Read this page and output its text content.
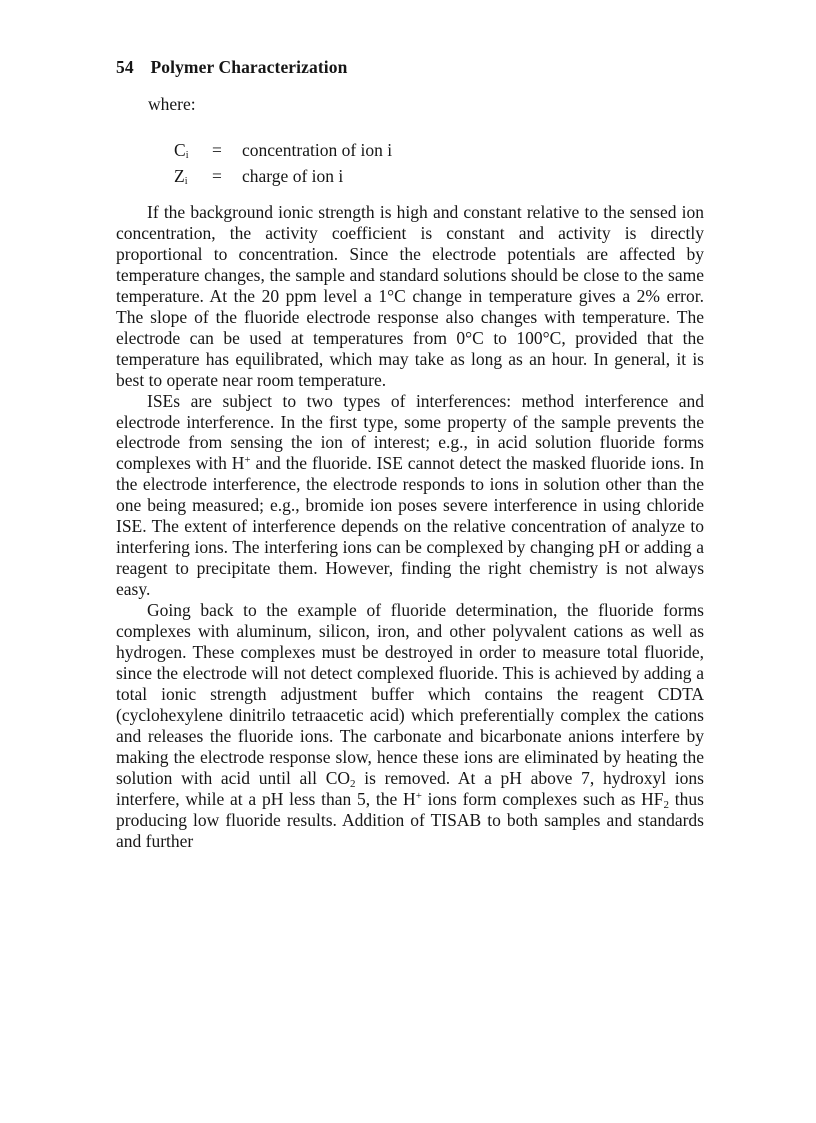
54 Polymer Characterization
where:
$C_i$	=	concentration of ion i
$Z_i$	=	charge of ion i

If the background ionic strength is high and constant relative to the sensed ion concentration, the activity coefficient is constant and activity is directly proportional to concentration. Since the electrode potentials are affected by temperature changes, the sample and standard solutions should be close to the same temperature. At the 20 ppm level a 1°C change in temperature gives a 2% error. The slope of the fluoride electrode response also changes with temperature. The electrode can be used at temperatures from 0°C to 100°C, provided that the temperature has equilibrated, which may take as long as an hour. In general, it is best to operate near room temperature.

ISEs are subject to two types of interferences: method interference and electrode interference. In the first type, some property of the sample prevents the electrode from sensing the ion of interest; e.g., in acid solution fluoride forms complexes with H+ and the fluoride. ISE cannot detect the masked fluoride ions. In the electrode interference, the electrode responds to ions in solution other than the one being measured; e.g., bromide ion poses severe interference in using chloride ISE. The extent of interference depends on the relative concentration of analyze to interfering ions. The interfering ions can be complexed by changing pH or adding a reagent to precipitate them. However, finding the right chemistry is not always easy.

Going back to the example of fluoride determination, the fluoride forms complexes with aluminum, silicon, iron, and other polyvalent cations as well as hydrogen. These complexes must be destroyed in order to measure total fluoride, since the electrode will not detect complexed fluoride. This is achieved by adding a total ionic strength adjustment buffer which contains the reagent CDTA (cyclohexylene dinitrilo tetraacetic acid) which preferentially complex the cations and releases the fluoride ions. The carbonate and bicarbonate anions interfere by making the electrode response slow, hence these ions are eliminated by heating the solution with acid until all $CO_2$ is removed. At a pH above 7, hydroxyl ions interfere, while at a pH less than 5, the H+ ions form complexes such as $HF_2$ thus producing low fluoride results. Addition of TISAB to both samples and standards and further
